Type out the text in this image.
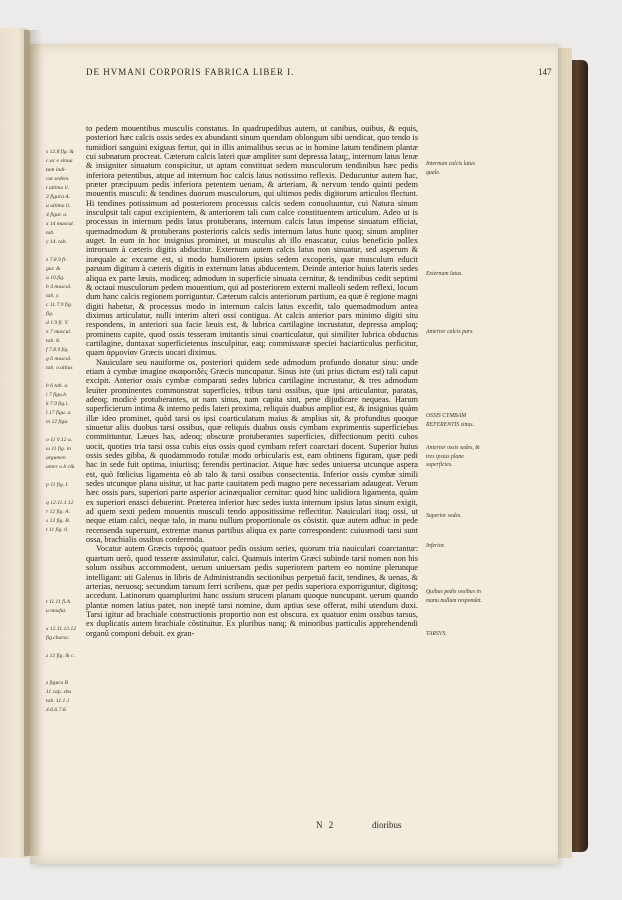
DE HVMANI CORPORIS FABRICA LIBER I.	147
s 12.8 fig. &
c.ac e sinua
tum indi-
cat sedem.
t ultima li.
3 figura A.
u ultima li.
4 figur. a.
x 14 muscul.
tab.
y 14. tab.

z 7.8.9 fi-
gur. &
a 10.fig.
b 4 muscul.
tab. y.
c 11.7.9 fig.
fig.
d 1.9 fi. Y.
e 7 muscul.
tab. 8.
f 7.8.9 fig.
g 6 muscul.
tab. o.altius

b 6 tab. a.
i 7 figu.b.
k 7.9 fig.i.
l 17 figu. a.
m 12 figu.

o 11 0.12 a.
ω 11 fig. in
argumen
anter o b c&

p 11 fig. I.

q 12.11.1.12
r 12 fig. A.
s 13 fig. B.
t 11 fig. 0.

t 11.11 fi.A.
u musfut.

x 12.11.12.12
fig.charac.

z 12 fig. & c.

z figura B
11 cap. sba
tab. 11.1.1
4.6.6.7.8.

to pedem mouentibus musculis constatus. In quadrupedibus autem, ut canibus, ouibus, & equis, posteriori hæc calcis ossis sedes ex abundanti sinum quendam oblongum sibi uendicat, quo tendo is tumidiori sanguini exiguus fertur, qui in illis animalibus secus ac in homine latum tendinem plantæ cui subnatum procreat. Cæterum calcis lateri quæ ampliter sunt depressa lataq;, internum latus lenæ & insigniter sinuatum conspicitur, ut aptam constituat sedem musculorum tendinibus hæc pedis inferiora petentibus, atque ad internum hoc calcis latus notissimo reflexis. Deducuntur autem hac, præter præcipuum pedis inferiora petentem uenam, & arteriam, & nervum tendo quinti pedem mouentis musculi: & tendines duorum musculorum, qui ultimos pedis digitorum articulos flectunt. Hi tendines potissimum ad posteriorem processus calcis sedem conuoluuntur, cui Natura sinum insculpsit tali caput excipientem, & anteriorem tali cum calce constituentem articulum. Adeo ut is processus in internum pedis latus protuberans, internum calcis latus impense sinuatum efficiat, quemadmodum & protuberans posterioris calcis sedis internum latus hunc quoq; sinum ampliter auget. In eum in hoc insignius prominet, ut musculus ab illo enascatur, cuius beneficio pollex introrsum à cæteris digitis abducitur. Externum autem calcis latus non sinuatur, sed asperum & inæquale ac excarne est, si modo humiliorem ipsius sedem excoperis, quæ musculum educit paruum digitum à cæteris digitis in externum latus abducentem. Deinde anterior huius lateris sedes aliqua ex parte læuis, modiceq; admodum in superficie sinuata cernitur, & tendinibus cedit septimi & octaui musculorum pedem mouentium, qui ad posteriorem externi malleoli sedem reflexi, locum dum hanc calcis regionem porriguntur. Cæterum calcis anteriorum partium, ea quæ è regione magni digiti habetur, & processus modo in internum calcis latus excedit, talo quemadmodum antea diximus articulatur, nulli interim alteri ossi contigua. At calcis anterior pars minimo digiti situ respondens, in anteriori sua facie læuis est, & lubrica cartilagine incrustatur, depressa amploq; prominens capite, quod ossis tesseram imitantis sinui coarticulatur, qui similiter lubrica obductus cartilagine, duntaxat superficietenus insculpitur, eaq; commissuræ speciei haciarticulus perficitur, quam ἁρμονίαν Græcis uocari diximus.

Nauiculare seu nauiforme os, posteriori quidem sede admodum profundo donatur sinu: unde etiam à cymbæ imagine σκαφοειδὲς Græcis nuncupatur. Sinus iste (uti prius dictum est) tali caput excipit. Anterior ossis cymbæ comparati sedes lubrica cartilagine incrustatur, & tres admodum leuiter prominentes commonstrat superficies, tribus tarsi ossibus, quæ ipsi articulantur, paratas, adeoq; modicè protuberantes, ut nam sinus, nam capita sint, pene dijudicare nequeas. Harum superficierum intima & interno pedis lateri proxima, reliquis duabus amplior est, & insignius quàm illæ ideo prominet, quòd tarsi os ipsi coarticulatum maius & amplius sit, & profundius quoque sinuetur aliis duobus tarsi ossibus, quæ reliquis duabus ossis cymbam exprimentis superficiebus committuntur. Læues has, adeoq; obscuræ protuberantes superficies, diffectionum periti cubos uocit, quoties tria tarsi ossa cubis eius ossis quod cymbam refert coarctari docent. Superior huius ossis sedes gibba, & quodammodo rotulæ modo orbicularis est, eam obtinens figuram, quæ pedi hac in sede fuit optima, iniuriisq; ferendis pertinacior. Atque hæc sedes uniuersa utcunque aspera est, quò fœlicius ligamenta eò ab talo & tarsi ossibus consectentia. Inferior ossis cymbæ simili sedes utcunque plana uisitur, ut hac parte cauitatem pedi magno pere necessariam adaugeat. Verum hæc ossis pars, superiori parte asperior acinæqualior cernitur: quod hinc ualidiora ligamenta, quàm ex superiori enasci debuerint. Præterea inferior hæc sedes iuxta internum ipsius latus sinum exigit, ad quem sexti pedem mouentis musculi tendo appositissime reflectitur. Nauiculari itaq; ossi, ut neque etiam calci, neque talo, in manu nullum proportionale os cõsistit. quæ autem adhuc in pede recensenda supersunt, extremæ manus partibus aliqua ex parte correspondent: cuiusmodi tarsi sunt ossa, brachialis ossibus conferenda.

Vocatur autem Græcis ταρσὸς quatuor pedis ossium series, quorum tria nauiculari coarctantur: quartum uerò, quod tesseræ assimilatur, calci. Quamuis interim Græci subinde tarsi nomen non his solum ossibus accommodent, uerum uniuersam pedis superiorem partem eo nomine plerunque intelligant: uti Galenus in libris de Administrandis sectionibus perpetuò facit, tendines, & uenas, & arterias, neruosq; secundum tarsum ferri scribens, quæ per pedis superiora exporriguntur, digitosq; accedunt. Latinorum quamplurimi hanc ossium strucem planam quoque nuncupant. uerum quando plantæ nomen latius patet, non ineptè tarsi nomine, dum aptius sese offerat, mihi utendum duxi. Tarsi igitur ad brachiale constructionis proportio non est obscura. ex quatuor enim ossibus tarsus, ex duplicatis autem brachiale cõstituitur. Ex pluribus nanq; & minoribus particulis apprehendendi organû componi debuit. ex gran-

Internum calcis latus quale.
Externum latus.
Anterior calcis pars.
OSSIS CYMBAM REFERENTIS sinus.
Anterior ossis sedes, & tres ipsius plane superficies.
Superior sedes.
Inferior.
Quibus pedis ossibus in manu nullum respondet.
TARSVS.
N 2	dioribus
